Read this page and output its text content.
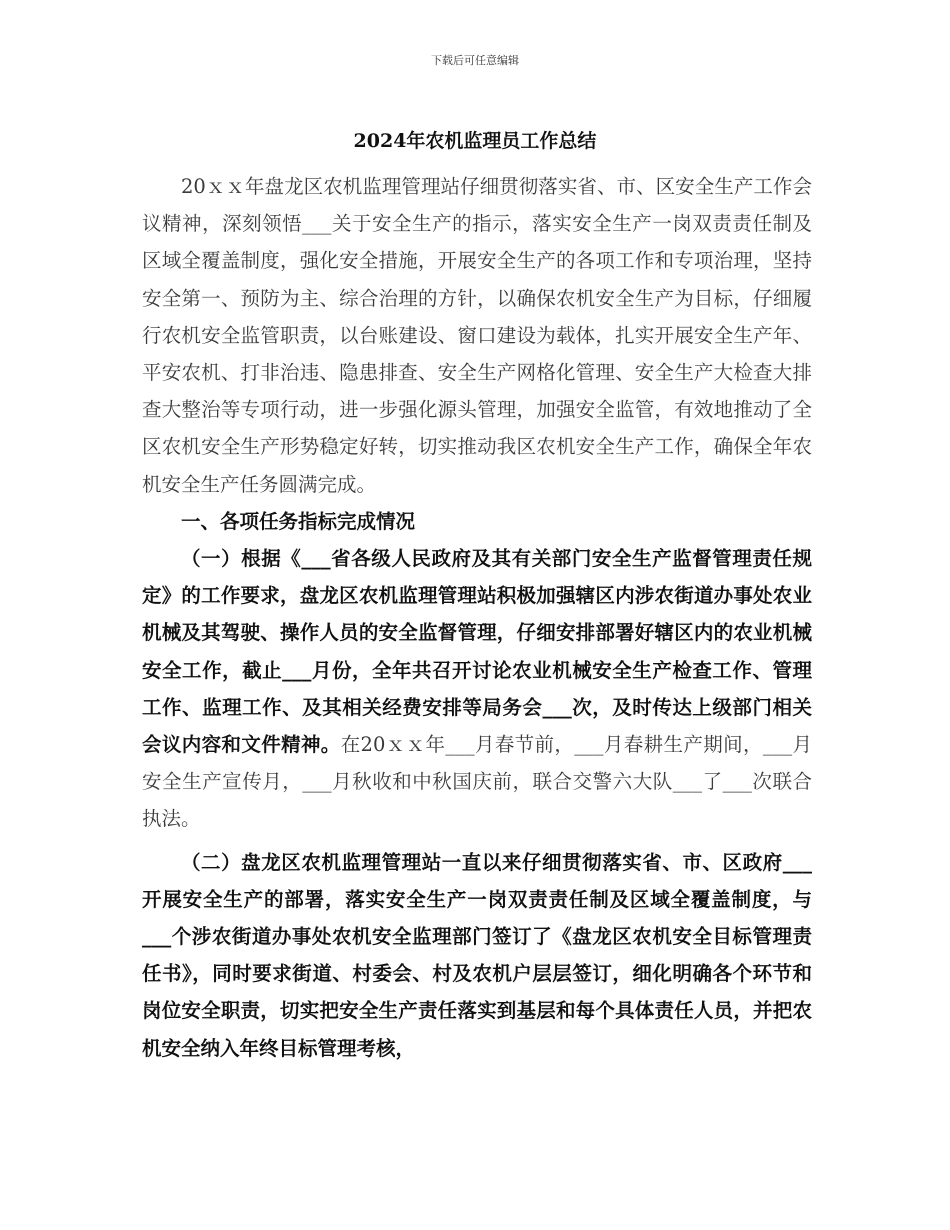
下载后可任意编辑
2024年农机监理员工作总结

20ｘｘ年盘龙区农机监理管理站仔细贯彻落实省、市、区安全生产工作会议精神，深刻领悟___关于安全生产的指示，落实安全生产一岗双责责任制及区域全覆盖制度，强化安全措施，开展安全生产的各项工作和专项治理，坚持安全第一、预防为主、综合治理的方针，以确保农机安全生产为目标，仔细履行农机安全监管职责，以台账建设、窗口建设为载体，扎实开展安全生产年、平安农机、打非治违、隐患排查、安全生产网格化管理、安全生产大检查大排查大整治等专项行动，进一步强化源头管理，加强安全监管，有效地推动了全区农机安全生产形势稳定好转，切实推动我区农机安全生产工作，确保全年农机安全生产任务圆满完成。

一、各项任务指标完成情况

（一）根据《___省各级人民政府及其有关部门安全生产监督管理责任规定》的工作要求，盘龙区农机监理管理站积极加强辖区内涉农街道办事处农业机械及其驾驶、操作人员的安全监督管理，仔细安排部署好辖区内的农业机械安全工作，截止___月份，全年共召开讨论农业机械安全生产检查工作、管理工作、监理工作、及其相关经费安排等局务会___次，及时传达上级部门相关会议内容和文件精神。在20ｘｘ年___月春节前，___月春耕生产期间，___月安全生产宣传月，___月秋收和中秋国庆前，联合交警六大队___了___次联合执法。

（二）盘龙区农机监理管理站一直以来仔细贯彻落实省、市、区政府___开展安全生产的部署，落实安全生产一岗双责责任制及区域全覆盖制度，与___个涉农街道办事处农机安全监理部门签订了《盘龙区农机安全目标管理责任书》，同时要求街道、村委会、村及农机户层层签订，细化明确各个环节和岗位安全职责，切实把安全生产责任落实到基层和每个具体责任人员，并把农机安全纳入年终目标管理考核，
